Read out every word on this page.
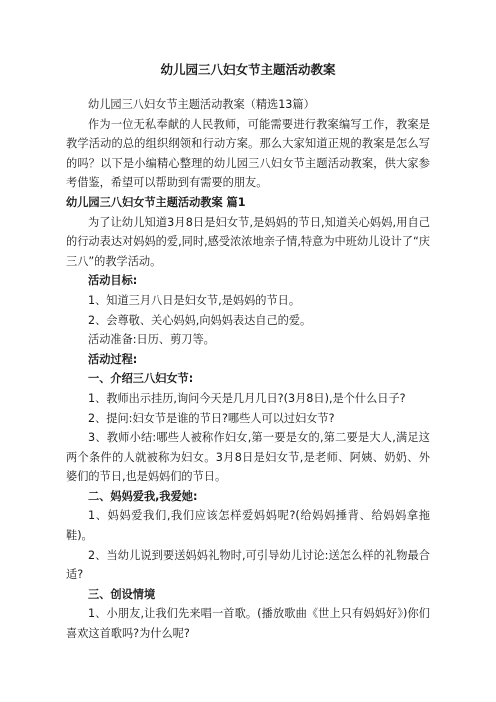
幼儿园三八妇女节主题活动教案

幼儿园三八妇女节主题活动教案（精选13篇）

作为一位无私奉献的人民教师，可能需要进行教案编写工作，教案是教学活动的总的组织纲领和行动方案。那么大家知道正规的教案是怎么写的吗？以下是小编精心整理的幼儿园三八妇女节主题活动教案，供大家参考借鉴，希望可以帮助到有需要的朋友。

幼儿园三八妇女节主题活动教案 篇1

为了让幼儿知道3月8日是妇女节,是妈妈的节日,知道关心妈妈,用自己的行动表达对妈妈的爱,同时,感受浓浓地亲子情,特意为中班幼儿设计了“庆三八”的教学活动。

活动目标:

1、知道三月八日是妇女节,是妈妈的节日。

2、会尊敬、关心妈妈,向妈妈表达自己的爱。

活动准备:日历、剪刀等。

活动过程:

一、介绍三八妇女节:

1、教师出示挂历,询问今天是几月几日?(3月8日),是个什么日子?

2、提问:妇女节是谁的节日?哪些人可以过妇女节?

3、教师小结:哪些人被称作妇女,第一要是女的,第二要是大人,满足这两个条件的人就被称为妇女。3月8日是妇女节,是老师、阿姨、奶奶、外婆们的节日,也是妈妈们的节日。

二、妈妈爱我,我爱她:

1、妈妈爱我们,我们应该怎样爱妈妈呢?(给妈妈捶背、给妈妈拿拖鞋)。

2、当幼儿说到要送妈妈礼物时,可引导幼儿讨论:送怎么样的礼物最合适?

三、创设情境

1、小朋友,让我们先来唱一首歌。(播放歌曲《世上只有妈妈好》)你们喜欢这首歌吗?为什么呢?
